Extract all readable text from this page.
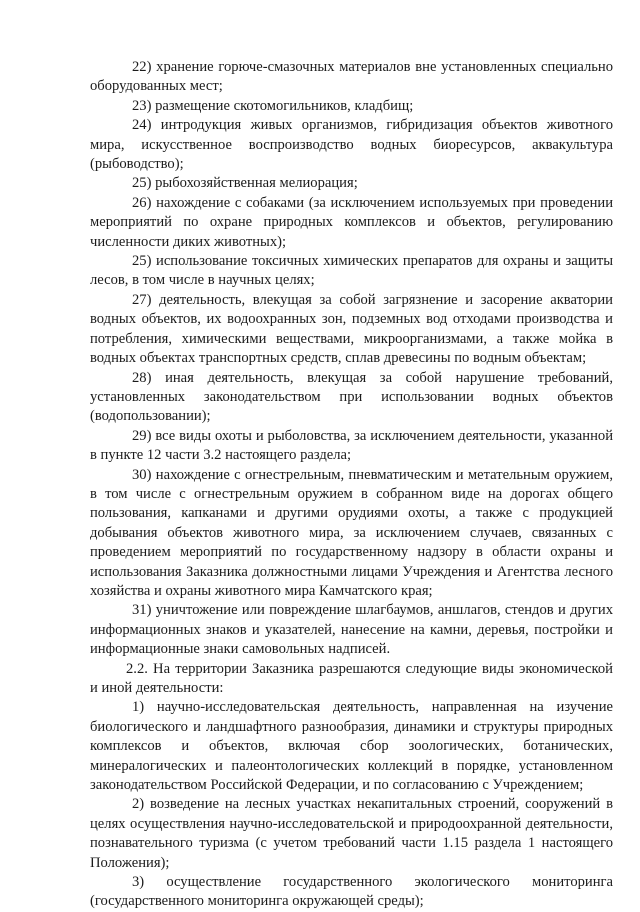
22) хранение горюче-смазочных материалов вне установленных специально оборудованных мест;

23) размещение скотомогильников, кладбищ;

24) интродукция живых организмов, гибридизация объектов животного мира, искусственное воспроизводство водных биоресурсов, аквакультура (рыбоводство);

25) рыбохозяйственная мелиорация;

26) нахождение с собаками (за исключением используемых при проведении мероприятий по охране природных комплексов и объектов, регулированию численности диких животных);

25) использование токсичных химических препаратов для охраны и защиты лесов, в том числе в научных целях;

27) деятельность, влекущая за собой загрязнение и засорение акватории водных объектов, их водоохранных зон, подземных вод отходами производства и потребления, химическими веществами, микроорганизмами, а также мойка в водных объектах транспортных средств, сплав древесины по водным объектам;

28) иная деятельность, влекущая за собой нарушение требований, установленных законодательством при использовании водных объектов (водопользовании);

29) все виды охоты и рыболовства, за исключением деятельности, указанной в пункте 12 части 3.2 настоящего раздела;

30) нахождение с огнестрельным, пневматическим и метательным оружием, в том числе с огнестрельным оружием в собранном виде на дорогах общего пользования, капканами и другими орудиями охоты, а также с продукцией добывания объектов животного мира, за исключением случаев, связанных с проведением мероприятий по государственному надзору в области охраны и использования Заказника должностными лицами Учреждения и Агентства лесного хозяйства и охраны животного мира Камчатского края;

31) уничтожение или повреждение шлагбаумов, аншлагов, стендов и других информационных знаков и указателей, нанесение на камни, деревья, постройки и информационные знаки самовольных надписей.

2.2. На территории Заказника разрешаются следующие виды экономической и иной деятельности:

1) научно-исследовательская деятельность, направленная на изучение биологического и ландшафтного разнообразия, динамики и структуры природных комплексов и объектов, включая сбор зоологических, ботанических, минералогических и палеонтологических коллекций в порядке, установленном законодательством Российской Федерации, и по согласованию с Учреждением;

2) возведение на лесных участках некапитальных строений, сооружений в целях осуществления научно-исследовательской и природоохранной деятельности, познавательного туризма (с учетом требований части 1.15 раздела 1 настоящего Положения);

3) осуществление государственного экологического мониторинга (государственного мониторинга окружающей среды);
